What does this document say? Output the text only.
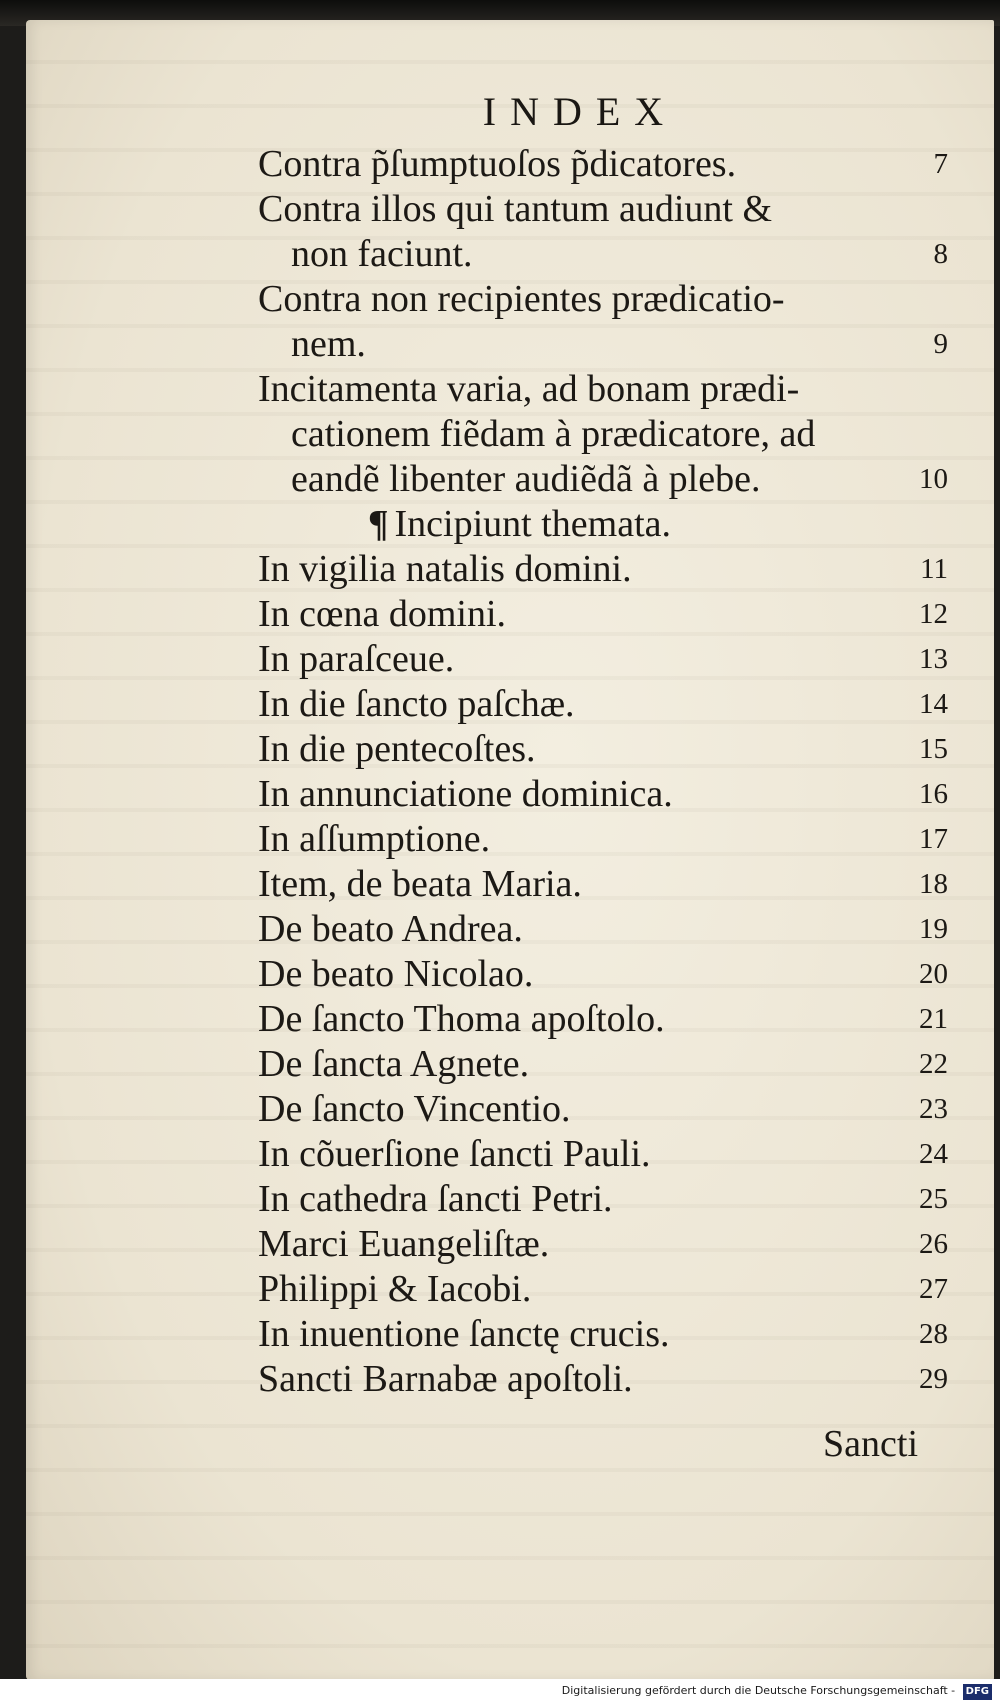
INDEX
Contra p̃ſumptuoſos p̃dicatores.	7
Contra illos qui tantum audiunt &
non faciunt.	8
Contra non recipientes prædicatio-
nem.	9
Incitamenta varia, ad bonam prædi-
cationem fiẽdam à prædicatore, ad
eandẽ libenter audiẽdã à plebe.	10
¶ Incipiunt themata.
In vigilia natalis domini.	11
In cœna domini.	12
In paraſceue.	13
In die ſancto paſchæ.	14
In die pentecoſtes.	15
In annunciatione dominica.	16
In aſſumptione.	17
Item, de beata Maria.	18
De beato Andrea.	19
De beato Nicolao.	20
De ſancto Thoma apoſtolo.	21
De ſancta Agnete.	22
De ſancto Vincentio.	23
In cõuerſione ſancti Pauli.	24
In cathedra ſancti Petri.	25
Marci Euangeliſtæ.	26
Philippi & Iacobi.	27
In inuentione ſanctę crucis.	28
Sancti Barnabæ apoſtoli.	29
Sancti
Digitalisierung gefördert durch die Deutsche Forschungsgemeinschaft - DFG
